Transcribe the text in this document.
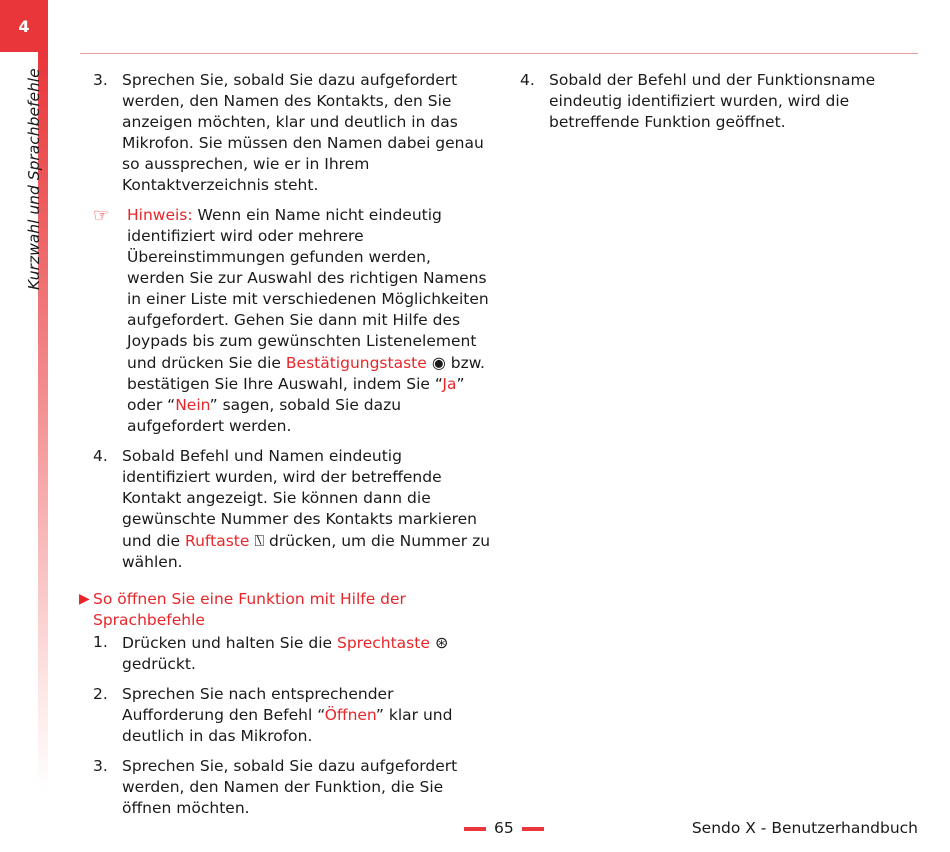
4
Kurzwahl und Sprachbefehle	3. Sprechen Sie, sobald Sie dazu aufgefordert werden, den Namen des Kontakts, den Sie anzeigen möchten, klar und deutlich in das Mikrofon. Sie müssen den Namen dabei genau so aussprechen, wie er in Ihrem Kontaktverzeichnis steht.
☞	Hinweis: Wenn ein Name nicht eindeutig identifiziert wird oder mehrere Übereinstimmungen gefunden werden, werden Sie zur Auswahl des richtigen Namens in einer Liste mit verschiedenen Möglichkeiten aufgefordert. Gehen Sie dann mit Hilfe des Joypads bis zum gewünschten Listenelement und drücken Sie die Bestätigungstaste ◉ bzw. bestätigen Sie Ihre Auswahl, indem Sie “Ja” oder “Nein” sagen, sobald Sie dazu aufgefordert werden.
4. Sobald Befehl und Namen eindeutig identifiziert wurden, wird der betreffende Kontakt angezeigt. Sie können dann die gewünschte Nummer des Kontakts markieren und die Ruftaste ⍂ drücken, um die Nummer zu wählen.
▶ So öffnen Sie eine Funktion mit Hilfe der Sprachbefehle
1. Drücken und halten Sie die Sprechtaste ⊛ gedrückt.
2. Sprechen Sie nach entsprechender Aufforderung den Befehl “Öffnen” klar und deutlich in das Mikrofon.
3. Sprechen Sie, sobald Sie dazu aufgefordert werden, den Namen der Funktion, die Sie öffnen möchten.
4. Sobald der Befehl und der Funktionsname eindeutig identifiziert wurden, wird die betreffende Funktion geöffnet.
65	Sendo X - Benutzerhandbuch
